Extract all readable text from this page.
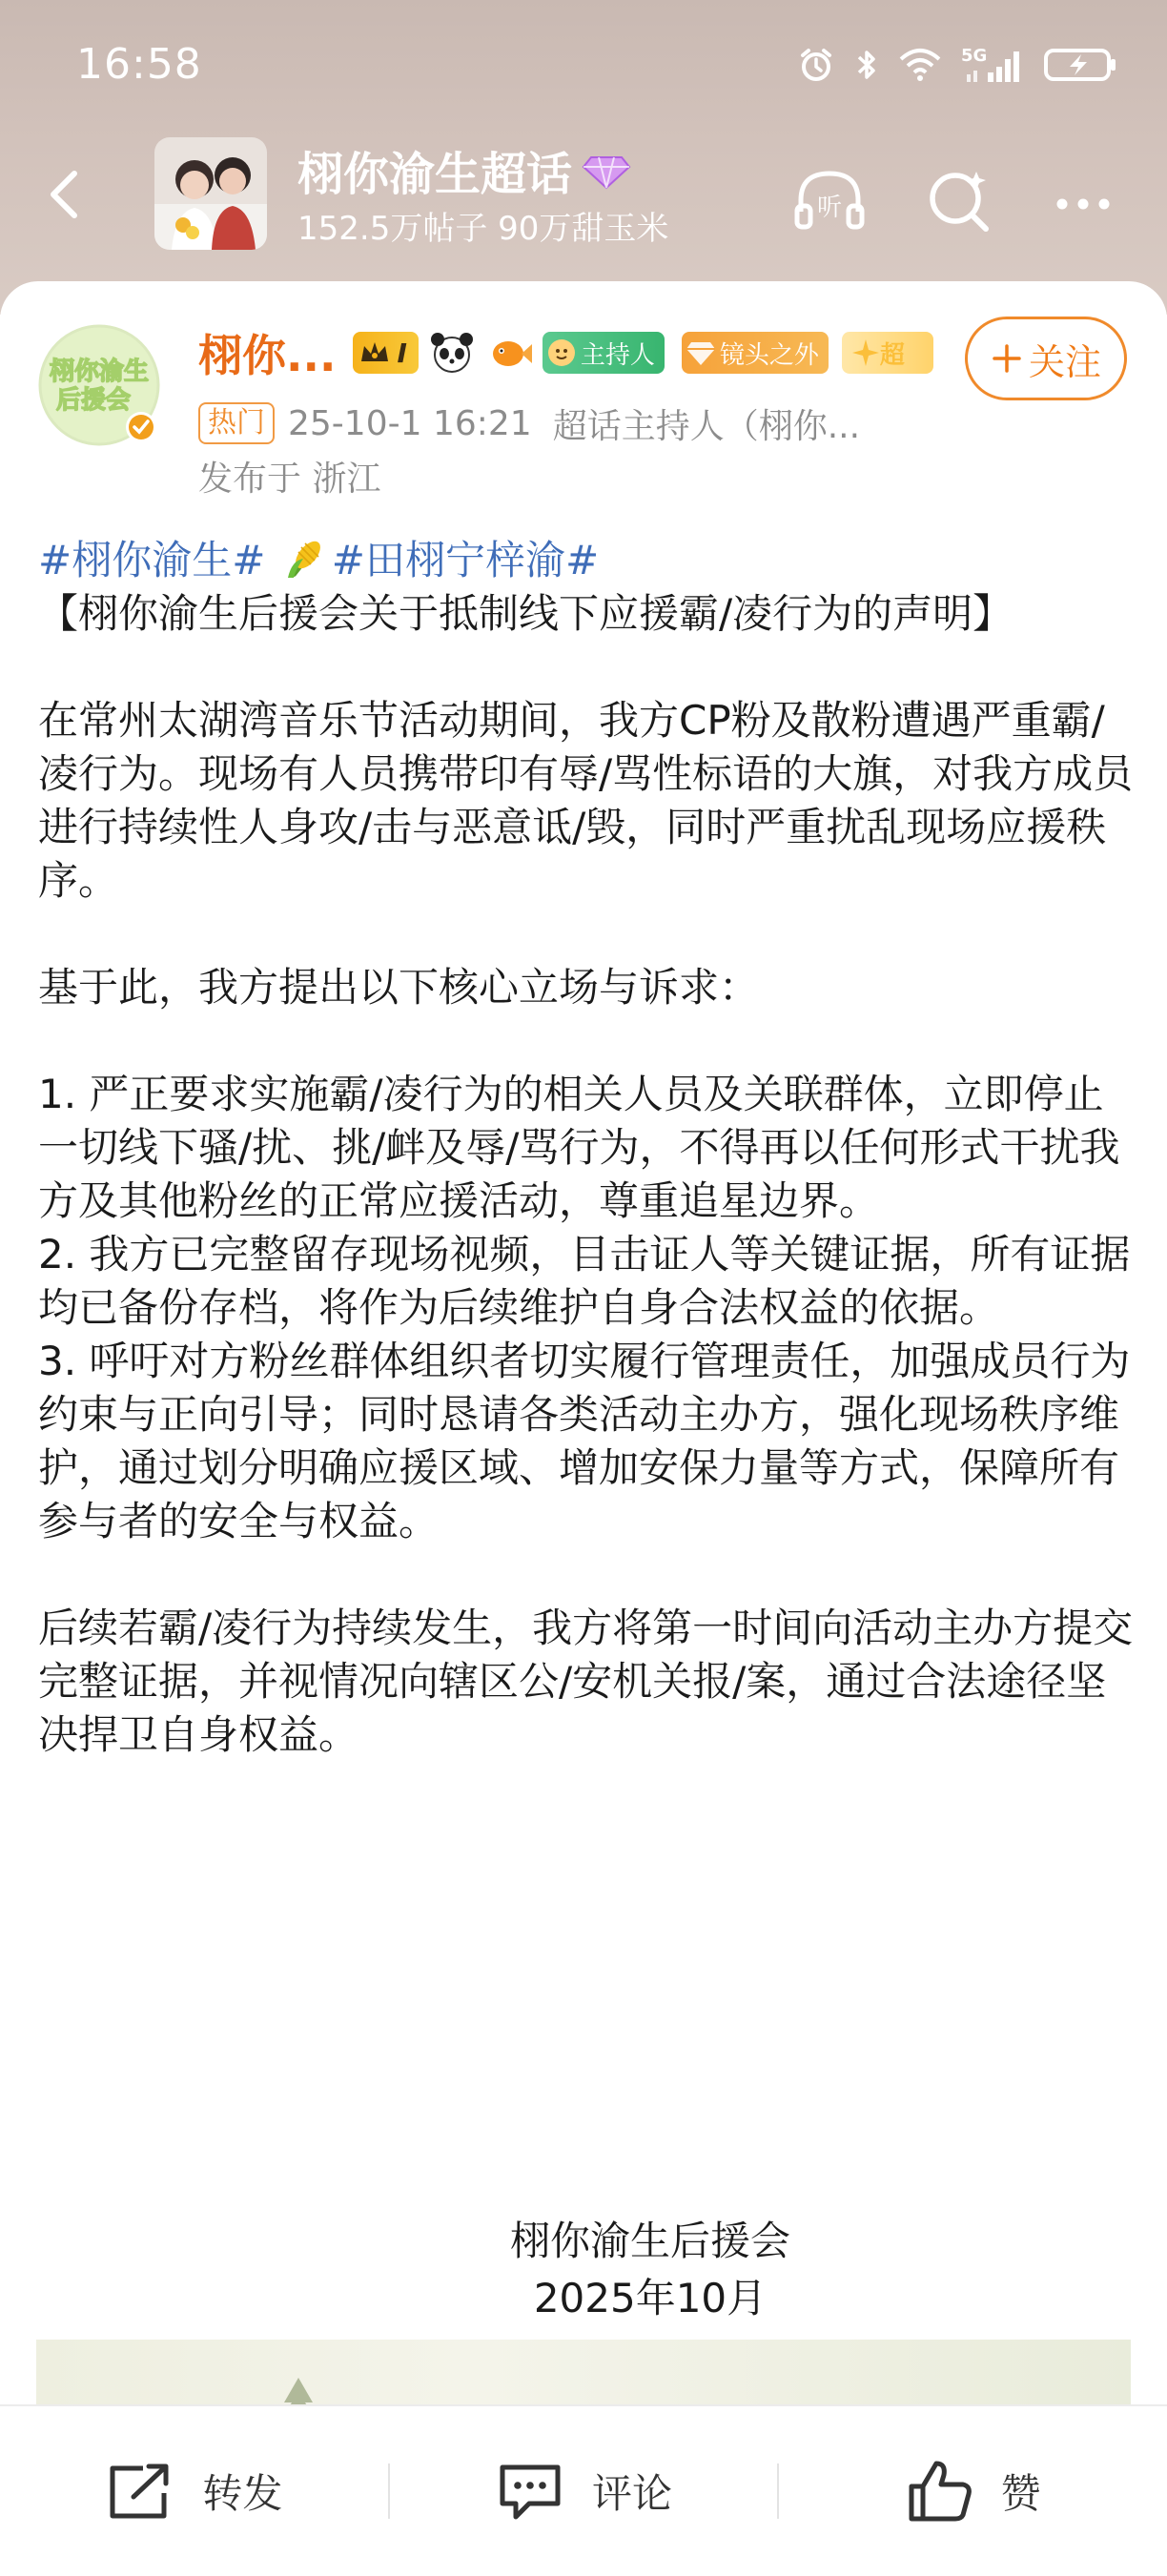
16:58	5G
栩你渝生超话
152.5万帖子 90万甜玉米
听
栩你渝生
后援会
栩你... I	主持人	镜头之外 超	关注
热门 25-10-1 16:21 超话主持人（栩你...
发布于 浙江

#栩你渝生# #田栩宁梓渝#

【栩你渝生后援会关于抵制线下应援霸/凌行为的声明】

在常州太湖湾音乐节活动期间，我方CP粉及散粉遭遇严重霸/凌行为。现场有人员携带印有辱/骂性标语的大旗，对我方成员进行持续性人身攻/击与恶意诋/毁，同时严重扰乱现场应援秩序。

基于此，我方提出以下核心立场与诉求：

1. 严正要求实施霸/凌行为的相关人员及关联群体，立即停止一切线下骚/扰、挑/衅及辱/骂行为，不得再以任何形式干扰我方及其他粉丝的正常应援活动，尊重追星边界。

2. 我方已完整留存现场视频，目击证人等关键证据，所有证据均已备份存档，将作为后续维护自身合法权益的依据。

3. 呼吁对方粉丝群体组织者切实履行管理责任，加强成员行为约束与正向引导；同时恳请各类活动主办方，强化现场秩序维护，通过划分明确应援区域、增加安保力量等方式，保障所有参与者的安全与权益。

后续若霸/凌行为持续发生，我方将第一时间向活动主办方提交完整证据，并视情况向辖区公/安机关报/案，通过合法途径坚决捍卫自身权益。

栩你渝生后援会
2025年10月
转发	评论	赞
